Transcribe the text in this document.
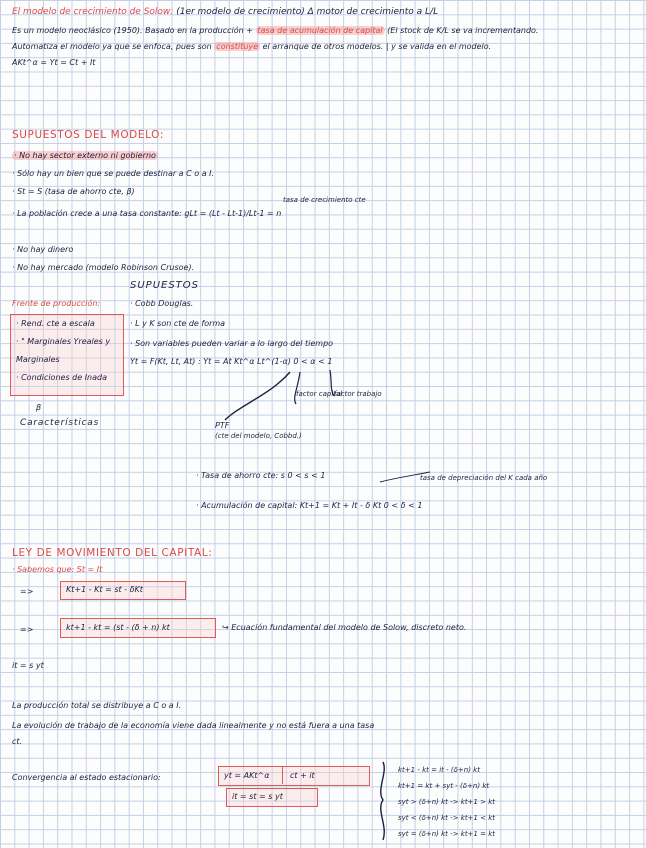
El modelo de crecimiento de Solow: (1er modelo de crecimiento) Δ motor de crecimiento a L/L
Es un modelo neoclásico (1950). Basado en la producción + tasa de acumulación de capital (El stock de K/L se va incrementando.
Automatiza el modelo ya que se enfoca, pues son constituye el arranque de otros modelos. | y se valida en el modelo.
AKt^α = Yt = Ct + It
SUPUESTOS DEL MODELO:
· No hay sector externo ni gobierno
· Sólo hay un bien que se puede destinar a C o a I.
· St = S (tasa de ahorro cte, β)
· La población crece a una tasa constante: gLt = (Lt - Lt-1)/Lt-1 = n
tasa de crecimiento cte
· No hay dinero
· No hay mercado (modelo Robinson Crusoe).
SUPUESTOS
Frente de producción:	· Cobb Douglas.
· L y K son cte de forma
· Son variables pueden variar a lo largo del tiempo
Yt = F(Kt, Lt, At) : Yt = At Kt^α Lt^(1-α) 0 < α < 1
· Rend. cte a escala
· " Marginales Yreales y
Marginales
· Condiciones de Inada
β
Características
factor capital
factor trabajo
PTF
(cte del modelo, Cobbd.)
· Tasa de ahorro cte: s 0 < s < 1	tasa de depreciación del K cada año
· Acumulación de capital: Kt+1 = Kt + It - δ Kt 0 < δ < 1
LEY DE MOVIMIENTO DEL CAPITAL:
· Sabemos que: St = It
=>	Kt+1 - Kt = st - δKt
=>	kt+1 - kt = (st - (δ + n) kt	↪ Ecuación fundamental del modelo de Solow, discreto neto.
it = s yt
La producción total se distribuye a C o a I.
La evolución de trabajo de la economía viene dada linealmente y no está fuera a una tasa
ct.
Convergencia al estado estacionario:	yt = AKt^α	ct + it
it = st = s yt
kt+1 - kt = it - (δ+n) kt
kt+1 = kt + syt - (δ+n) kt
syt > (δ+n) kt -> kt+1 > kt
syt < (δ+n) kt -> kt+1 < kt
syt = (δ+n) kt -> kt+1 = kt
